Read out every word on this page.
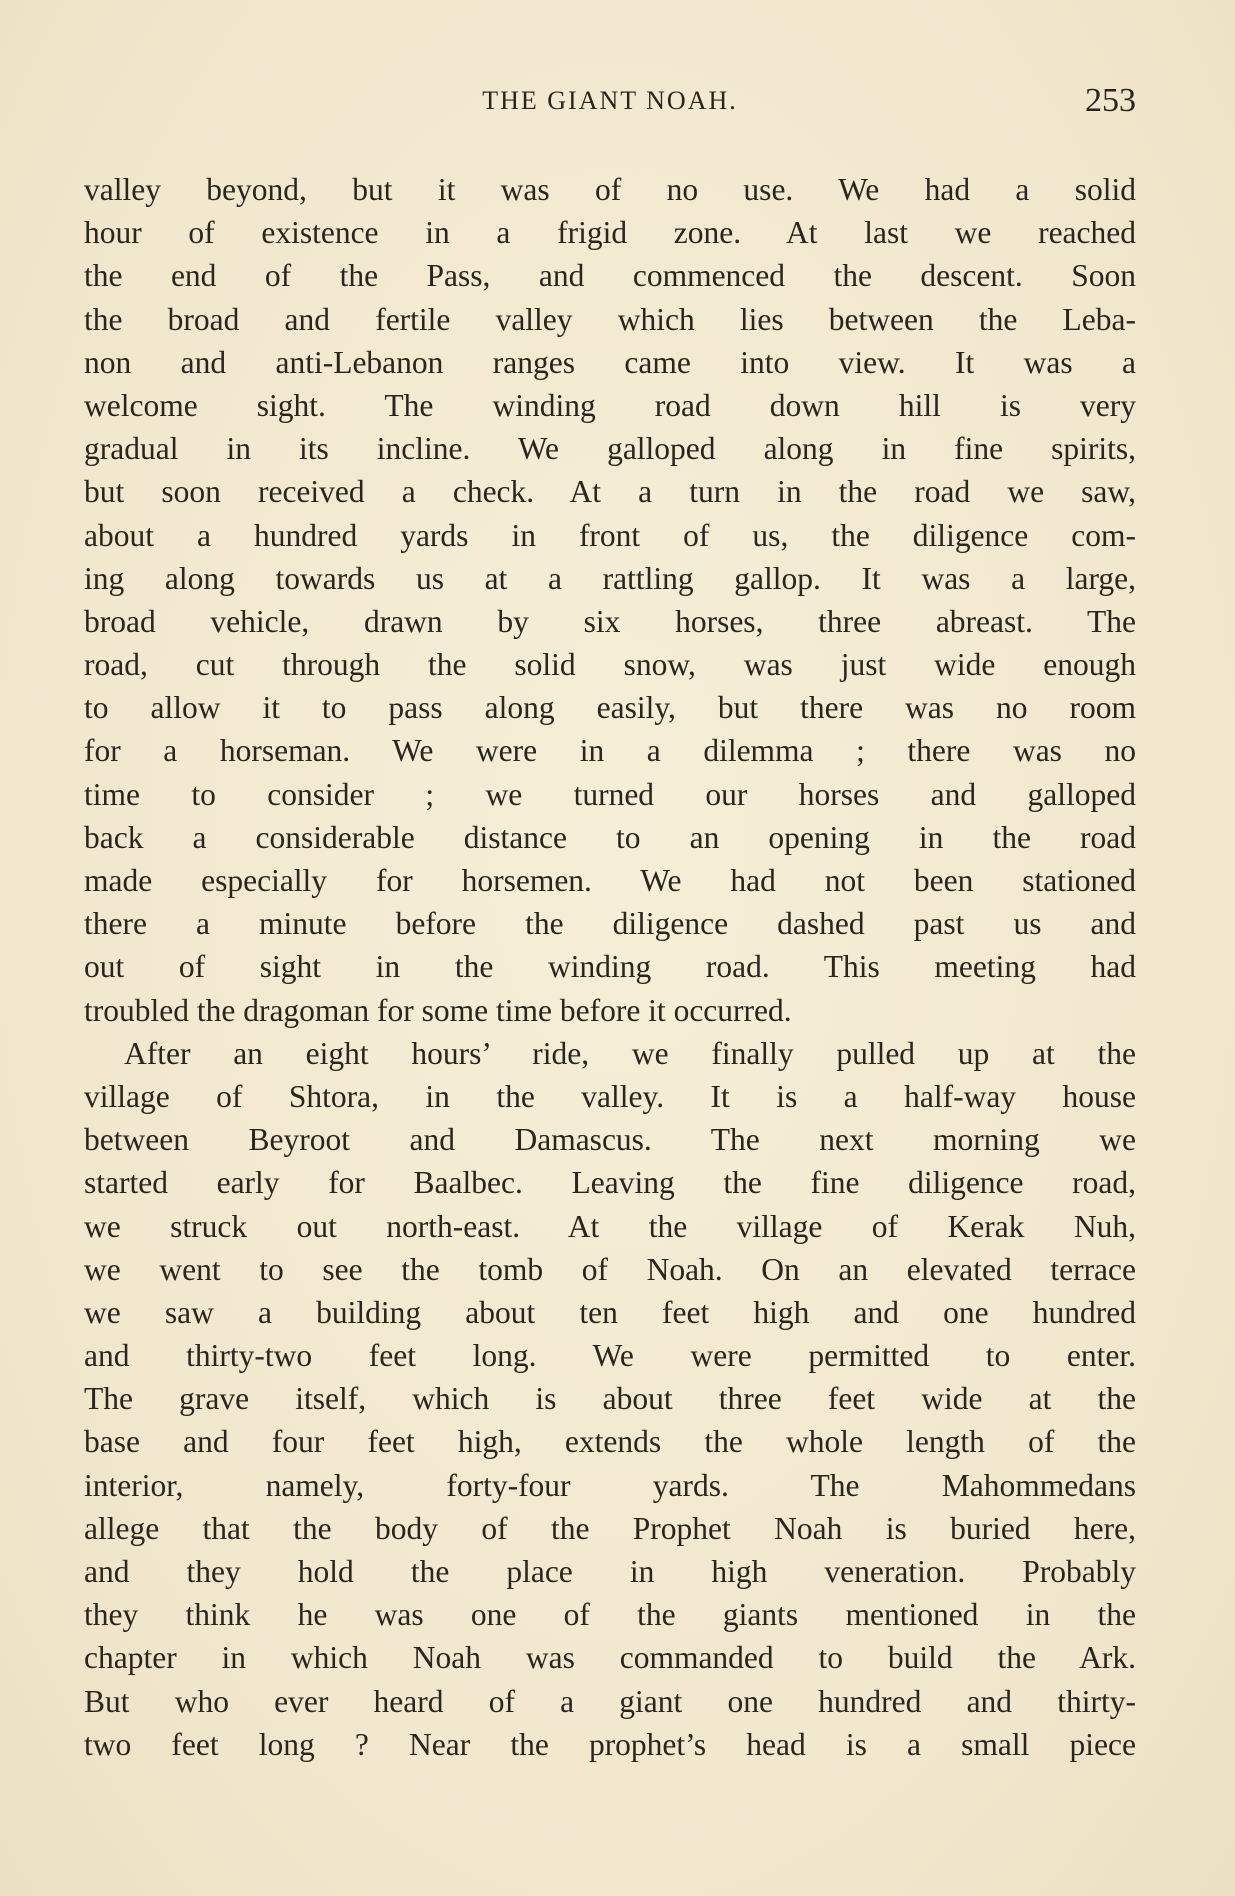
THE GIANT NOAH.	253
valley beyond, but it was of no use. We had a solid
hour of existence in a frigid zone. At last we reached
the end of the Pass, and commenced the descent. Soon
the broad and fertile valley which lies between the Leba-
non and anti-Lebanon ranges came into view. It was a
welcome sight. The winding road down hill is very
gradual in its incline. We galloped along in fine spirits,
but soon received a check. At a turn in the road we saw,
about a hundred yards in front of us, the diligence com-
ing along towards us at a rattling gallop. It was a large,
broad vehicle, drawn by six horses, three abreast. The
road, cut through the solid snow, was just wide enough
to allow it to pass along easily, but there was no room
for a horseman. We were in a dilemma ; there was no
time to consider ; we turned our horses and galloped
back a considerable distance to an opening in the road
made especially for horsemen. We had not been stationed
there a minute before the diligence dashed past us and
out of sight in the winding road. This meeting had
troubled the dragoman for some time before it occurred.
After an eight hours’ ride, we finally pulled up at the
village of Shtora, in the valley. It is a half-way house
between Beyroot and Damascus. The next morning we
started early for Baalbec. Leaving the fine diligence road,
we struck out north-east. At the village of Kerak Nuh,
we went to see the tomb of Noah. On an elevated terrace
we saw a building about ten feet high and one hundred
and thirty-two feet long. We were permitted to enter.
The grave itself, which is about three feet wide at the
base and four feet high, extends the whole length of the
interior, namely, forty-four yards. The Mahommedans
allege that the body of the Prophet Noah is buried here,
and they hold the place in high veneration. Probably
they think he was one of the giants mentioned in the
chapter in which Noah was commanded to build the Ark.
But who ever heard of a giant one hundred and thirty-
two feet long ? Near the prophet’s head is a small piece
